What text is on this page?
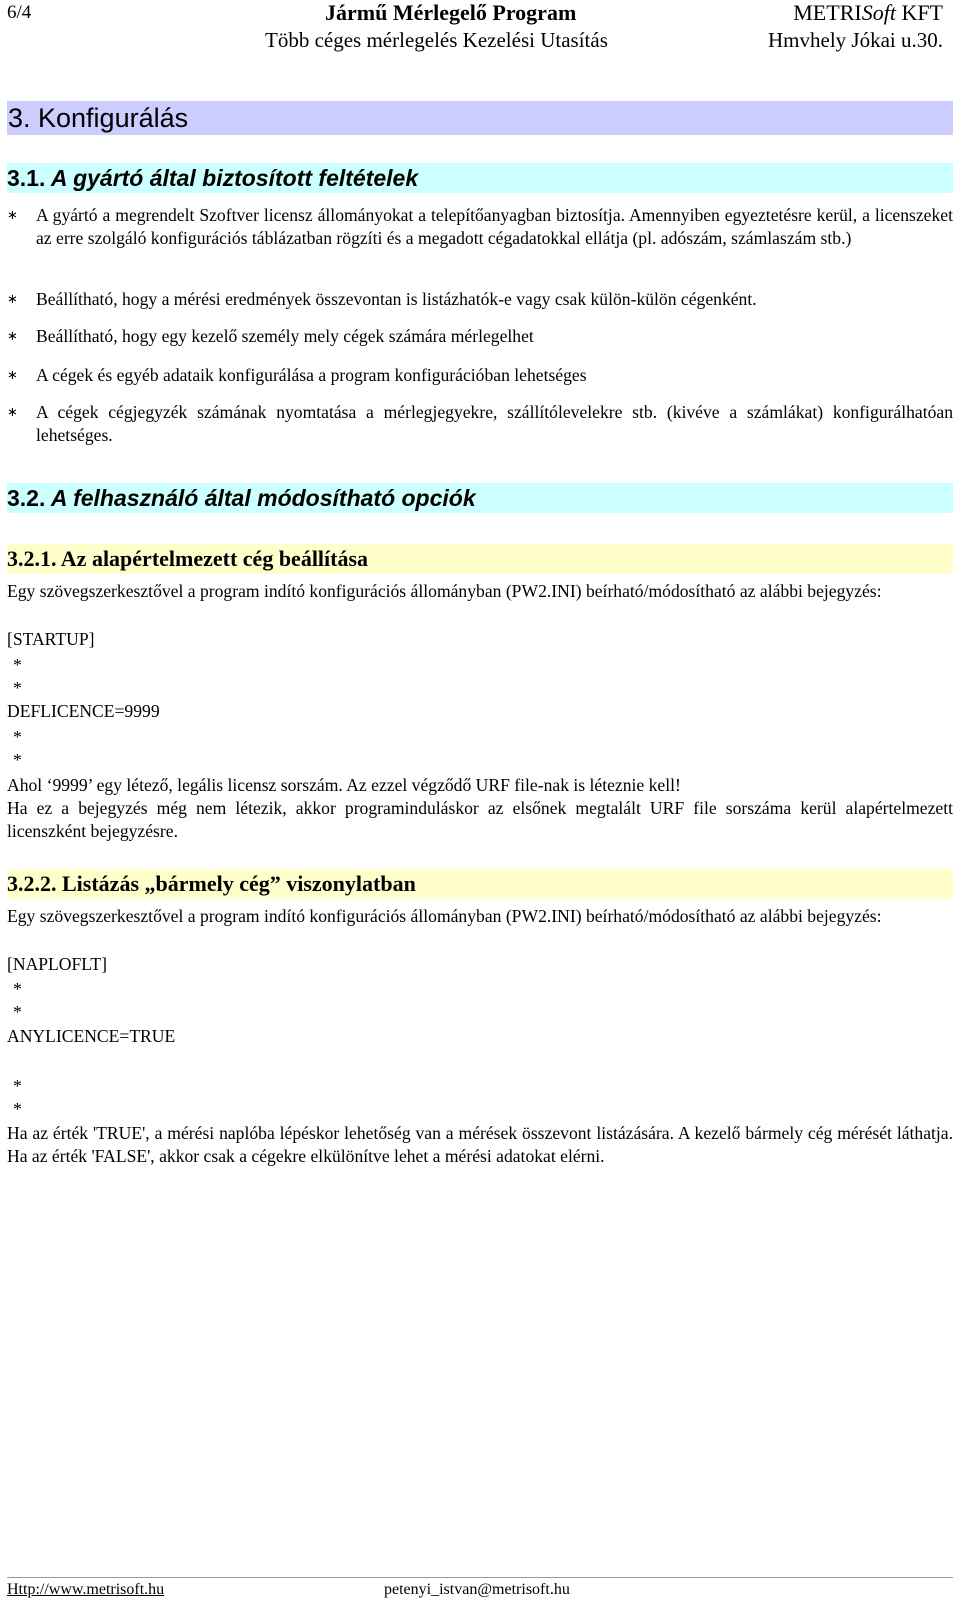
6/4	Jármű Mérlegelő Program	METRISoft KFT
Több céges mérlegelés Kezelési Utasítás	Hmvhely Jókai u.30.
3. Konfigurálás
3.1. A gyártó által biztosított feltételek
∗ A gyártó a megrendelt Szoftver licensz állományokat a telepítőanyagban biztosítja. Amennyiben egyeztetésre kerül, a licenszeket az erre szolgáló konfigurációs táblázatban rögzíti és a megadott cégadatokkal ellátja (pl. adószám, számlaszám stb.)
∗ Beállítható, hogy a mérési eredmények összevontan is listázhatók-e vagy csak külön-külön cégenként.
∗ Beállítható, hogy egy kezelő személy mely cégek számára mérlegelhet
∗ A cégek és egyéb adataik konfigurálása a program konfigurációban lehetséges
∗ A cégek cégjegyzék számának nyomtatása a mérlegjegyekre, szállítólevelekre stb. (kivéve a számlákat) konfigurálhatóan lehetséges.
3.2. A felhasználó által módosítható opciók
3.2.1. Az alapértelmezett cég beállítása
Egy szövegszerkesztővel a program indító konfigurációs állományban (PW2.INI) beírható/módosítható az alábbi bejegyzés:
[STARTUP]
*
*
DEFLICENCE=9999
*
*
Ahol ‘9999’ egy létező, legális licensz sorszám. Az ezzel végződő URF file-nak is léteznie kell!
Ha ez a bejegyzés még nem létezik, akkor programinduláskor az elsőnek megtalált URF file sorszáma kerül alapértelmezett licenszként bejegyzésre.
3.2.2. Listázás „bármely cég” viszonylatban
Egy szövegszerkesztővel a program indító konfigurációs állományban (PW2.INI) beírható/módosítható az alábbi bejegyzés:
[NAPLOFLT]
*
*
ANYLICENCE=TRUE
*
*
Ha az érték 'TRUE', a mérési naplóba lépéskor lehetőség van a mérések összevont listázására. A kezelő bármely cég mérését láthatja. Ha az érték 'FALSE', akkor csak a cégekre elkülönítve lehet a mérési adatokat elérni.
Http://www.metrisoft.hu	petenyi_istvan@metrisoft.hu
